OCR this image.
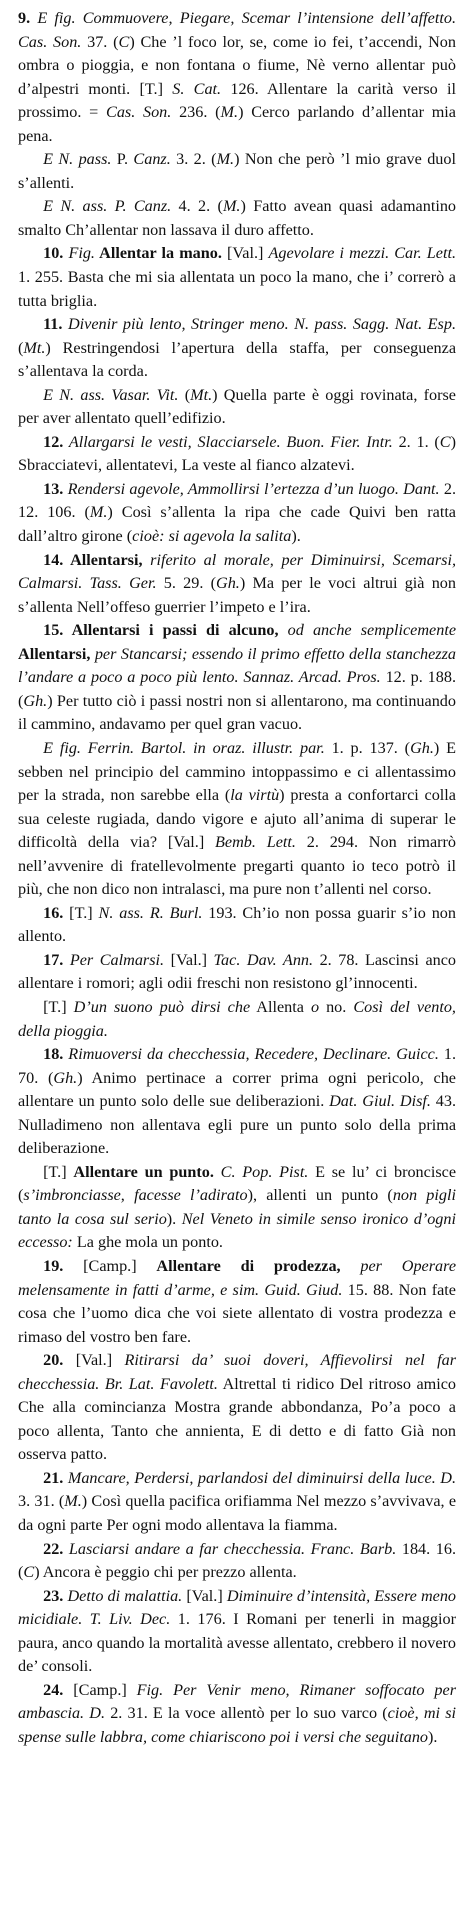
9. E fig. Commuovere, Piegare, Scemar l’intensione dell’affetto. Cas. Son. 37. (C) Che ’l foco lor, se, come io fei, t’accendi, Non ombra o pioggia, e non fontana o fiume, Nè verno allentar può d’alpestri monti. [T.] S. Cat. 126. Allentare la carità verso il prossimo. = Cas. Son. 236. (M.) Cerco parlando d’allentar mia pena.

E N. pass. P. Canz. 3. 2. (M.) Non che però ’l mio grave duol s’allenti.

E N. ass. P. Canz. 4. 2. (M.) Fatto avean quasi adamantino smalto Ch’allentar non lassava il duro affetto.

10. Fig. Allentar la mano. [Val.] Agevolare i mezzi. Car. Lett. 1. 255. Basta che mi sia allentata un poco la mano, che i’ correrò a tutta briglia.

11. Divenir più lento, Stringer meno. N. pass. Sagg. Nat. Esp. (Mt.) Restringendosi l’apertura della staffa, per conseguenza s’allentava la corda.

E N. ass. Vasar. Vit. (Mt.) Quella parte è oggi rovinata, forse per aver allentato quell’edifizio.

12. Allargarsi le vesti, Slacciarsele. Buon. Fier. Intr. 2. 1. (C) Sbracciatevi, allentatevi, La veste al fianco alzatevi.

13. Rendersi agevole, Ammollirsi l’ertezza d’un luogo. Dant. 2. 12. 106. (M.) Così s’allenta la ripa che cade Quivi ben ratta dall’altro girone (cioè: si agevola la salita).

14. Allentarsi, riferito al morale, per Diminuirsi, Scemarsi, Calmarsi. Tass. Ger. 5. 29. (Gh.) Ma per le voci altrui già non s’allenta Nell’offeso guerrier l’impeto e l’ira.

15. Allentarsi i passi di alcuno, od anche semplicemente Allentarsi, per Stancarsi; essendo il primo effetto della stanchezza l’andare a poco a poco più lento. Sannaz. Arcad. Pros. 12. p. 188. (Gh.) Per tutto ciò i passi nostri non si allentarono, ma continuando il cammino, andavamo per quel gran vacuo.

E fig. Ferrin. Bartol. in oraz. illustr. par. 1. p. 137. (Gh.) E sebben nel principio del cammino intoppassimo e ci allentassimo per la strada, non sarebbe ella (la virtù) presta a confortarci colla sua celeste rugiada, dando vigore e ajuto all’anima di superar le difficoltà della via? [Val.] Bemb. Lett. 2. 294. Non rimarrò nell’avvenire di fratellevolmente pregarti quanto io teco potrò il più, che non dico non intralasci, ma pure non t’allenti nel corso.

16. [T.] N. ass. R. Burl. 193. Ch’io non possa guarir s’io non allento.

17. Per Calmarsi. [Val.] Tac. Dav. Ann. 2. 78. Lascinsi anco allentare i romori; agli odii freschi non resistono gl’innocenti.

[T.] D’un suono può dirsi che Allenta o no. Così del vento, della pioggia.

18. Rimuoversi da checchessia, Recedere, Declinare. Guicc. 1. 70. (Gh.) Animo pertinace a correr prima ogni pericolo, che allentare un punto solo delle sue deliberazioni. Dat. Giul. Disf. 43. Nulladimeno non allentava egli pure un punto solo della prima deliberazione.

[T.] Allentare un punto. C. Pop. Pist. E se lu’ ci broncisce (s’imbronciasse, facesse l’adirato), allenti un punto (non pigli tanto la cosa sul serio). Nel Veneto in simile senso ironico d’ogni eccesso: La ghe mola un ponto.

19. [Camp.] Allentare di prodezza, per Operare melensamente in fatti d’arme, e sim. Guid. Giud. 15. 88. Non fate cosa che l’uomo dica che voi siete allentato di vostra prodezza e rimaso del vostro ben fare.

20. [Val.] Ritirarsi da’ suoi doveri, Affievolirsi nel far checchessia. Br. Lat. Favolett. Altrettal ti ridico Del ritroso amico Che alla comincianza Mostra grande abbondanza, Po’a poco a poco allenta, Tanto che annienta, E di detto e di fatto Già non osserva patto.

21. Mancare, Perdersi, parlandosi del diminuirsi della luce. D. 3. 31. (M.) Così quella pacifica orifiamma Nel mezzo s’avvivava, e da ogni parte Per ogni modo allentava la fiamma.

22. Lasciarsi andare a far checchessia. Franc. Barb. 184. 16. (C) Ancora è peggio chi per prezzo allenta.

23. Detto di malattia. [Val.] Diminuire d’intensità, Essere meno micidiale. T. Liv. Dec. 1. 176. I Romani per tenerli in maggior paura, anco quando la mortalità avesse allentato, crebbero il novero de’ consoli.

24. [Camp.] Fig. Per Venir meno, Rimaner soffocato per ambascia. D. 2. 31. E la voce allentò per lo suo varco (cioè, mi si spense sulle labbra, come chiariscono poi i versi che seguitano).
